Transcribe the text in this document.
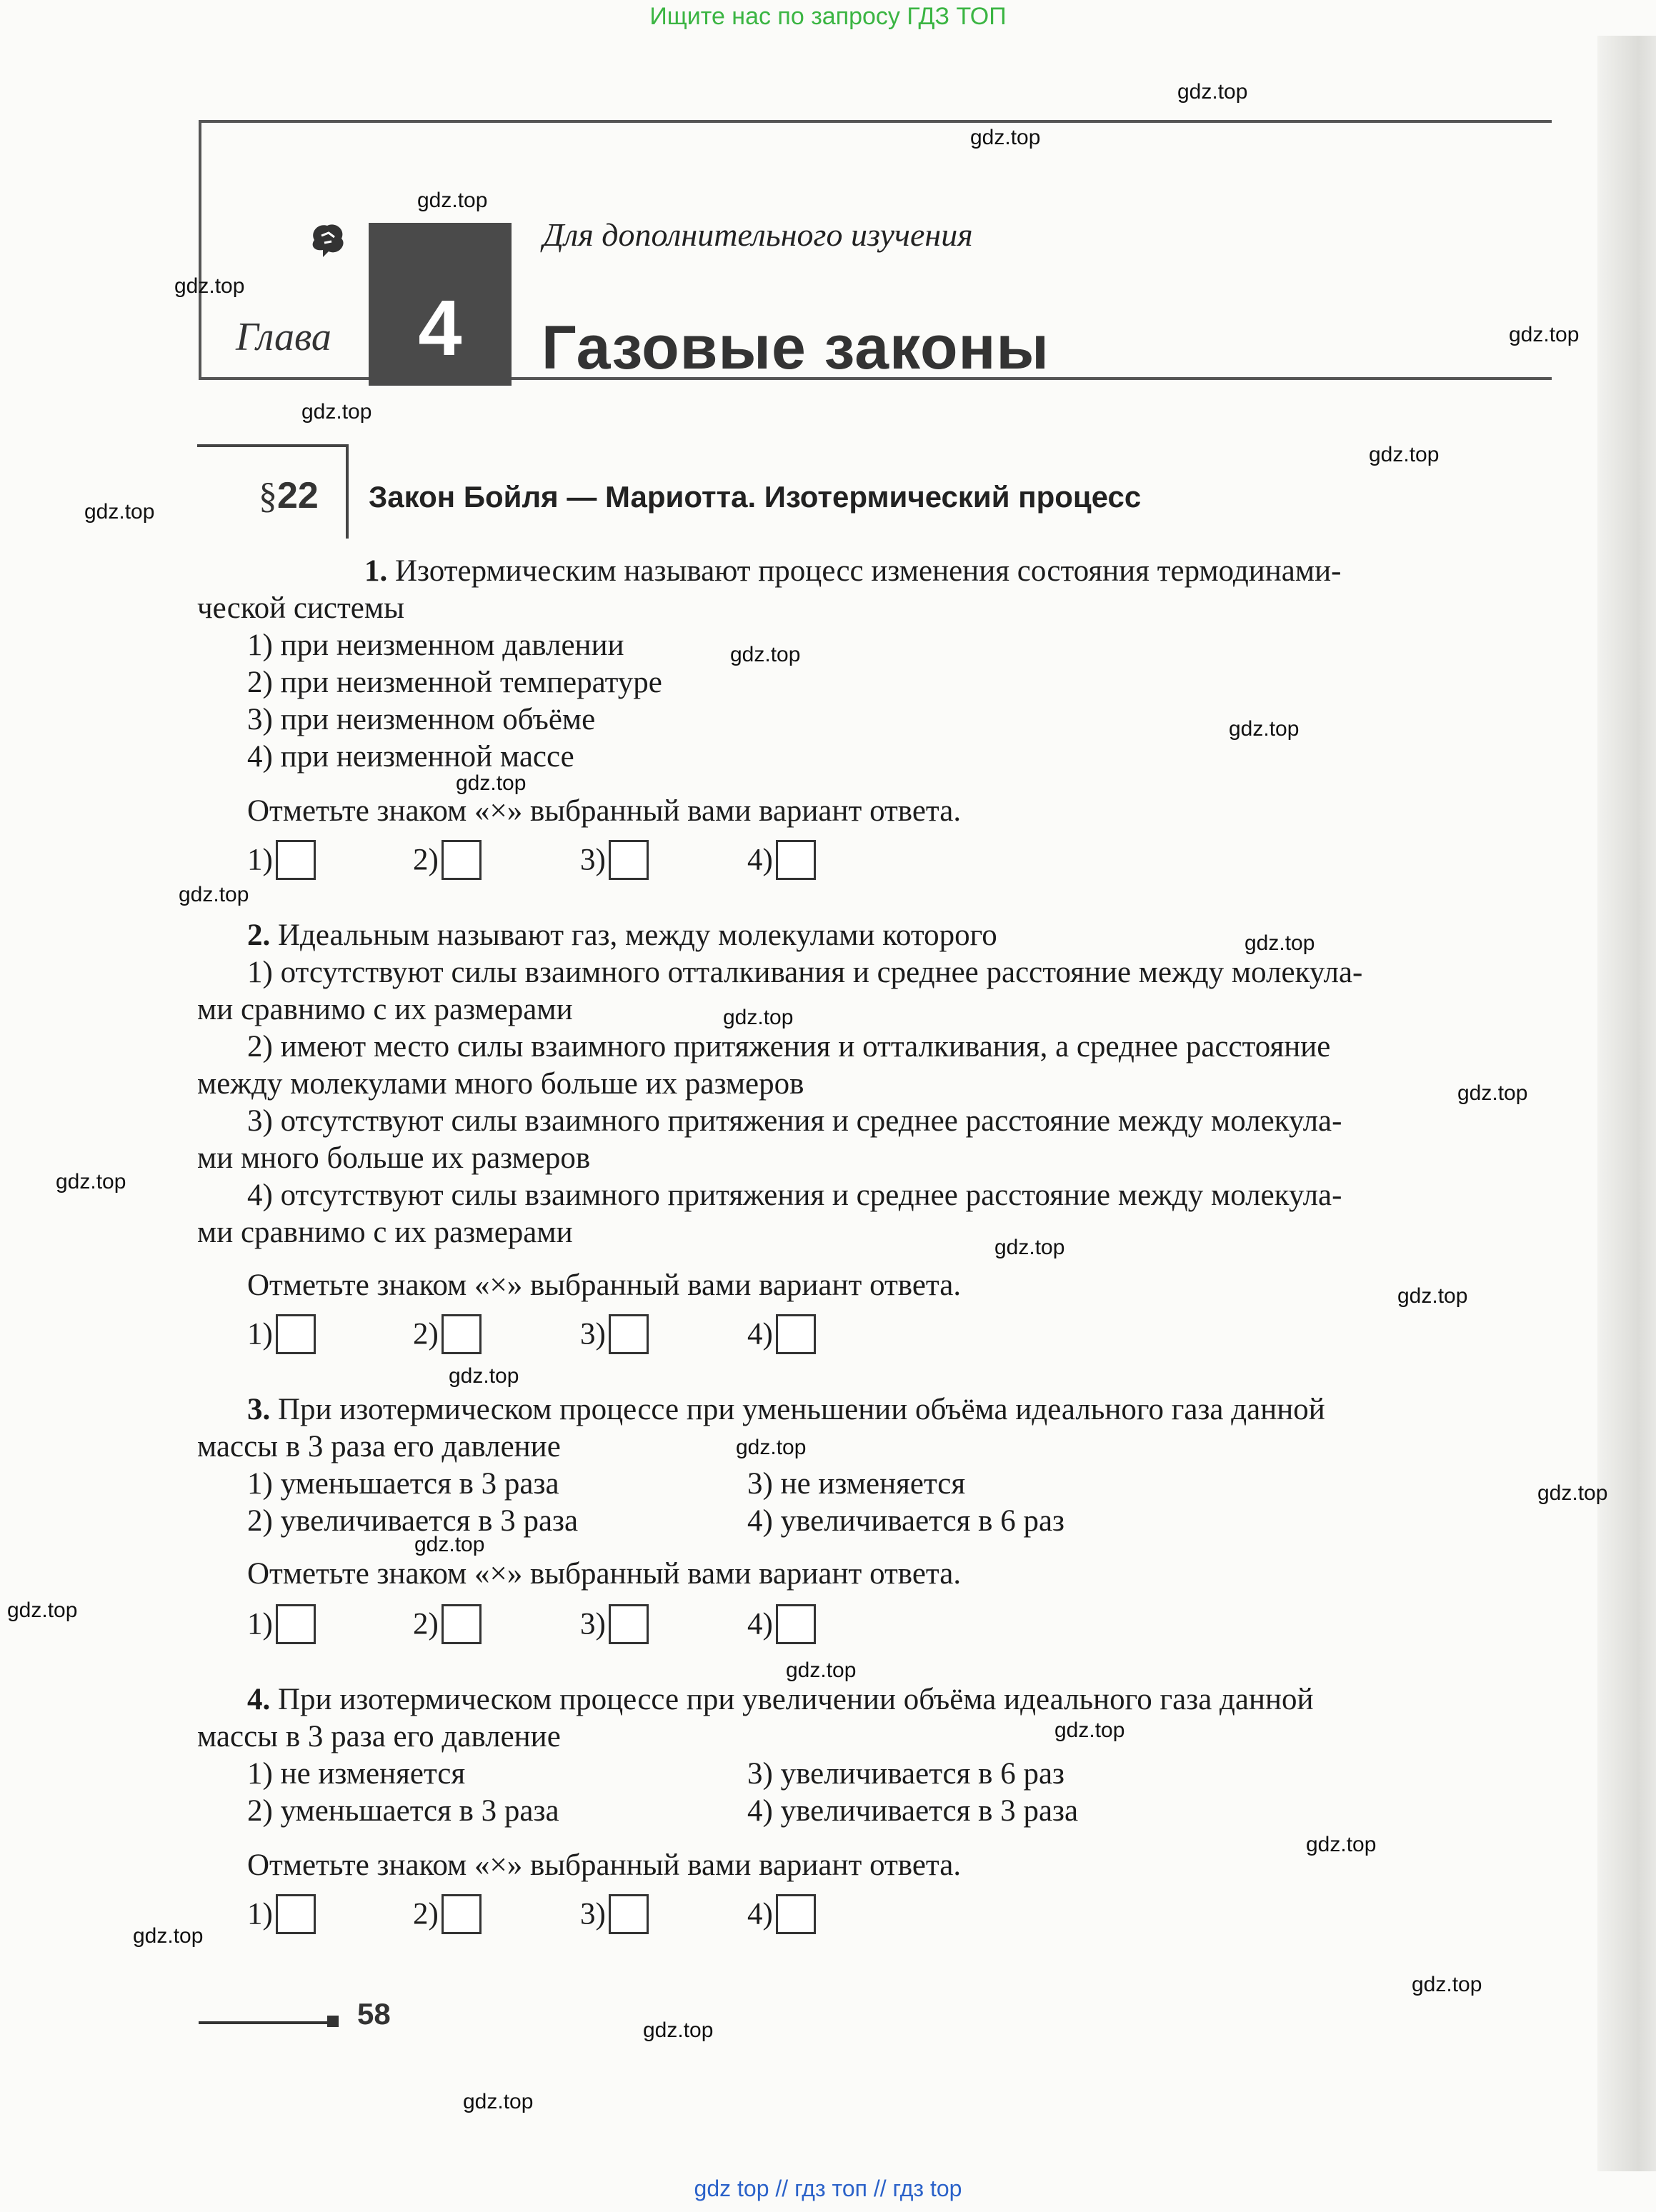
Ищите нас по запросу ГДЗ ТОП
Для дополнительного изучения
Глава	4	Газовые законы
§22 Закон Бойля — Мариотта. Изотермический процесс
1. Изотермическим называют процесс изменения состояния термодинами-
ческой системы
1) при неизменном давлении
2) при неизменной температуре
3) при неизменном объёме
4) при неизменной массе
Отметьте знаком «×» выбранный вами вариант ответа.
1)	2)	3)	4)
2. Идеальным называют газ, между молекулами которого
1) отсутствуют силы взаимного отталкивания и среднее расстояние между молекула-
ми сравнимо с их размерами
2) имеют место силы взаимного притяжения и отталкивания, а среднее расстояние
между молекулами много больше их размеров
3) отсутствуют силы взаимного притяжения и среднее расстояние между молекула-
ми много больше их размеров
4) отсутствуют силы взаимного притяжения и среднее расстояние между молекула-
ми сравнимо с их размерами
Отметьте знаком «×» выбранный вами вариант ответа.
1)	2)	3)	4)
3. При изотермическом процессе при уменьшении объёма идеального газа данной
массы в 3 раза его давление
1) уменьшается в 3 раза
2) увеличивается в 3 раза
3) не изменяется
4) увеличивается в 6 раз
Отметьте знаком «×» выбранный вами вариант ответа.
1)	2)	3)	4)
4. При изотермическом процессе при увеличении объёма идеального газа данной
массы в 3 раза его давление
1) не изменяется
2) уменьшается в 3 раза
3) увеличивается в 6 раз
4) увеличивается в 3 раза
Отметьте знаком «×» выбранный вами вариант ответа.
1)	2)	3)	4)
58
gdz.top
gdz.top
gdz.top
gdz.top
gdz.top
gdz.top
gdz.top
gdz.top
gdz.top
gdz.top
gdz.top
gdz.top
gdz.top
gdz.top
gdz.top
gdz.top
gdz.top
gdz.top
gdz.top
gdz.top
gdz.top
gdz.top
gdz.top
gdz.top
gdz.top
gdz.top
gdz.top
gdz.top
gdz.top
gdz.top
gdz top // гдз топ // гдз top
